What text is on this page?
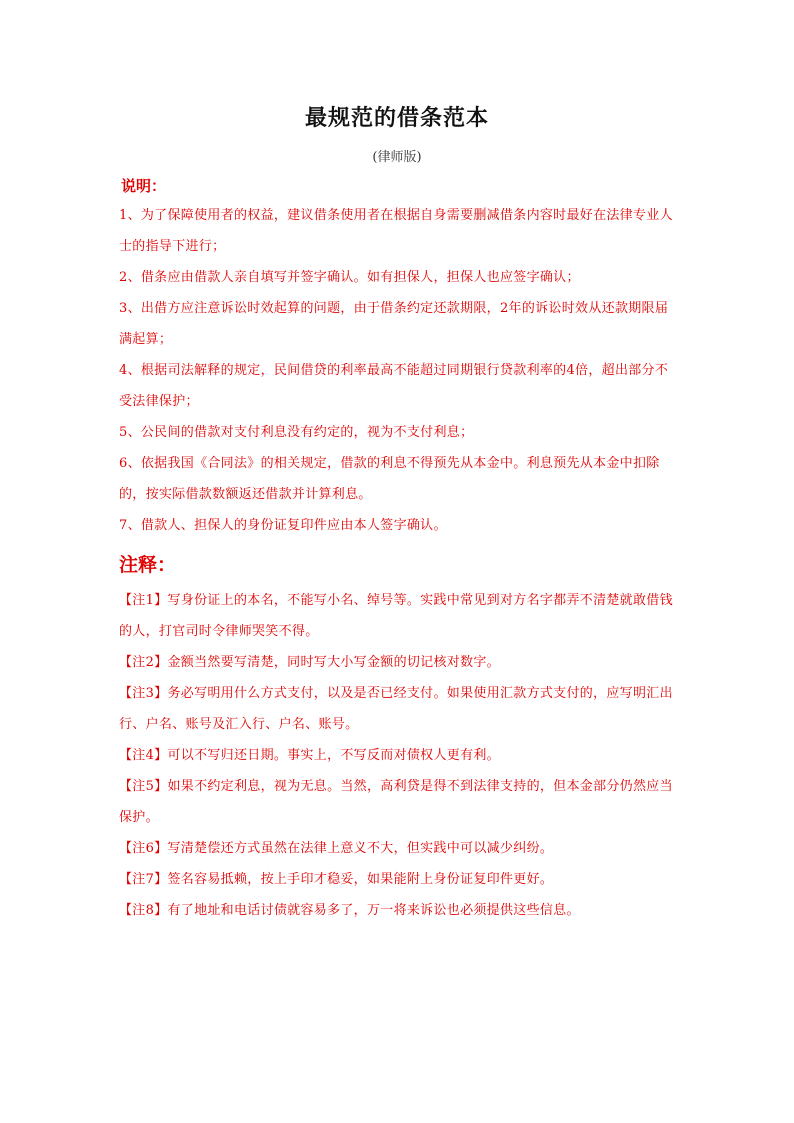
最规范的借条范本
(律师版)
说明：

1、为了保障使用者的权益，建议借条使用者在根据自身需要删减借条内容时最好在法律专业人士的指导下进行；

2、借条应由借款人亲自填写并签字确认。如有担保人，担保人也应签字确认；

3、出借方应注意诉讼时效起算的问题，由于借条约定还款期限，2年的诉讼时效从还款期限届满起算；

4、根据司法解释的规定，民间借贷的利率最高不能超过同期银行贷款利率的4倍，超出部分不受法律保护；

5、公民间的借款对支付利息没有约定的，视为不支付利息；

6、依据我国《合同法》的相关规定，借款的利息不得预先从本金中。利息预先从本金中扣除的，按实际借款数额返还借款并计算利息。

7、借款人、担保人的身份证复印件应由本人签字确认。

注释：

【注1】写身份证上的本名，不能写小名、绰号等。实践中常见到对方名字都弄不清楚就敢借钱的人，打官司时令律师哭笑不得。

【注2】金额当然要写清楚，同时写大小写金额的切记核对数字。

【注3】务必写明用什么方式支付，以及是否已经支付。如果使用汇款方式支付的，应写明汇出行、户名、账号及汇入行、户名、账号。

【注4】可以不写归还日期。事实上，不写反而对债权人更有利。

【注5】如果不约定利息，视为无息。当然，高利贷是得不到法律支持的，但本金部分仍然应当保护。

【注6】写清楚偿还方式虽然在法律上意义不大，但实践中可以减少纠纷。

【注7】签名容易抵赖，按上手印才稳妥，如果能附上身份证复印件更好。

【注8】有了地址和电话讨债就容易多了，万一将来诉讼也必须提供这些信息。
